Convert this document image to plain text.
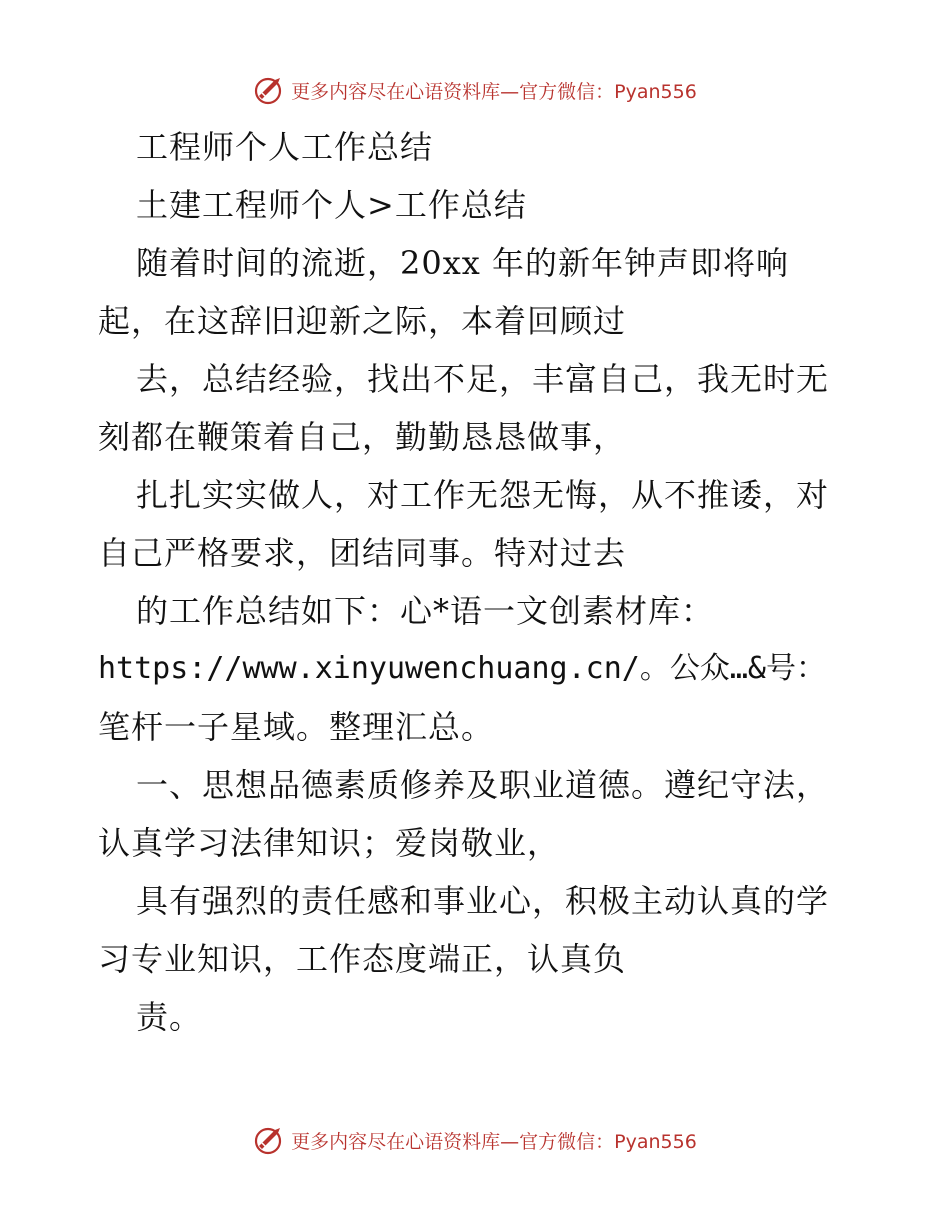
更多内容尽在心语资料库—官方微信：Pyan556
工程师个人工作总结
土建工程师个人>工作总结
随着时间的流逝，20xx 年的新年钟声即将响
起，在这辞旧迎新之际，本着回顾过
去，总结经验，找出不足，丰富自己，我无时无
刻都在鞭策着自己，勤勤恳恳做事，
扎扎实实做人，对工作无怨无悔，从不推诿，对
自己严格要求，团结同事。特对过去
的工作总结如下：心*语一文创素材库：
https://www.xinyuwenchuang.cn/。公众…&号：
笔杆一子星域。整理汇总。
一、思想品德素质修养及职业道德。遵纪守法，
认真学习法律知识；爱岗敬业，
具有强烈的责任感和事业心，积极主动认真的学
习专业知识，工作态度端正，认真负
责。
更多内容尽在心语资料库—官方微信：Pyan556
